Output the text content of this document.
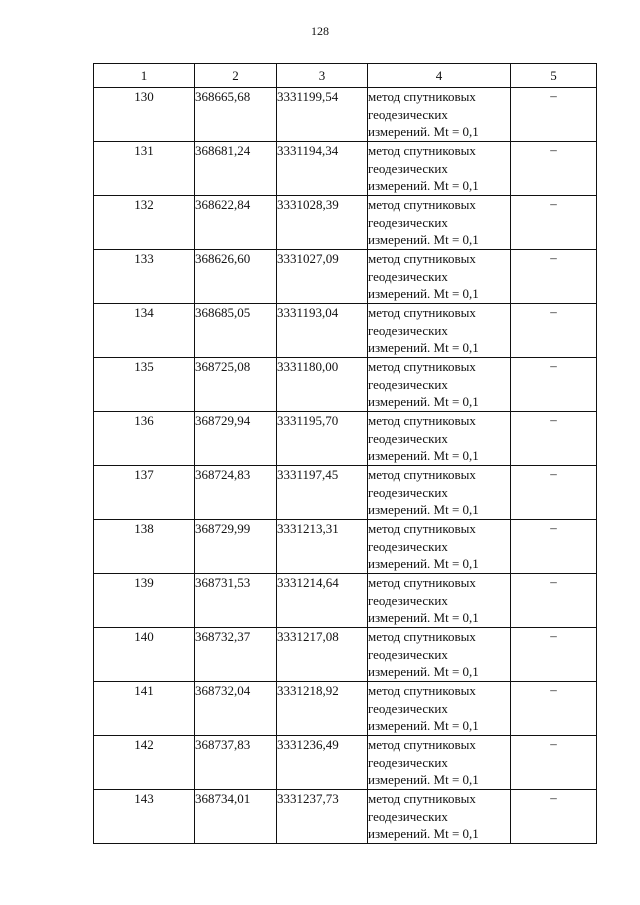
128
1	2	3	4	5
130	368665,68	3331199,54	метод спутниковых
геодезических
измерений. Mt = 0,1	–
131	368681,24	3331194,34	метод спутниковых
геодезических
измерений. Mt = 0,1	–
132	368622,84	3331028,39	метод спутниковых
геодезических
измерений. Mt = 0,1	–
133	368626,60	3331027,09	метод спутниковых
геодезических
измерений. Mt = 0,1	–
134	368685,05	3331193,04	метод спутниковых
геодезических
измерений. Mt = 0,1	–
135	368725,08	3331180,00	метод спутниковых
геодезических
измерений. Mt = 0,1	–
136	368729,94	3331195,70	метод спутниковых
геодезических
измерений. Mt = 0,1	–
137	368724,83	3331197,45	метод спутниковых
геодезических
измерений. Mt = 0,1	–
138	368729,99	3331213,31	метод спутниковых
геодезических
измерений. Mt = 0,1	–
139	368731,53	3331214,64	метод спутниковых
геодезических
измерений. Mt = 0,1	–
140	368732,37	3331217,08	метод спутниковых
геодезических
измерений. Mt = 0,1	–
141	368732,04	3331218,92	метод спутниковых
геодезических
измерений. Mt = 0,1	–
142	368737,83	3331236,49	метод спутниковых
геодезических
измерений. Mt = 0,1	–
143	368734,01	3331237,73	метод спутниковых
геодезических
измерений. Mt = 0,1	–
